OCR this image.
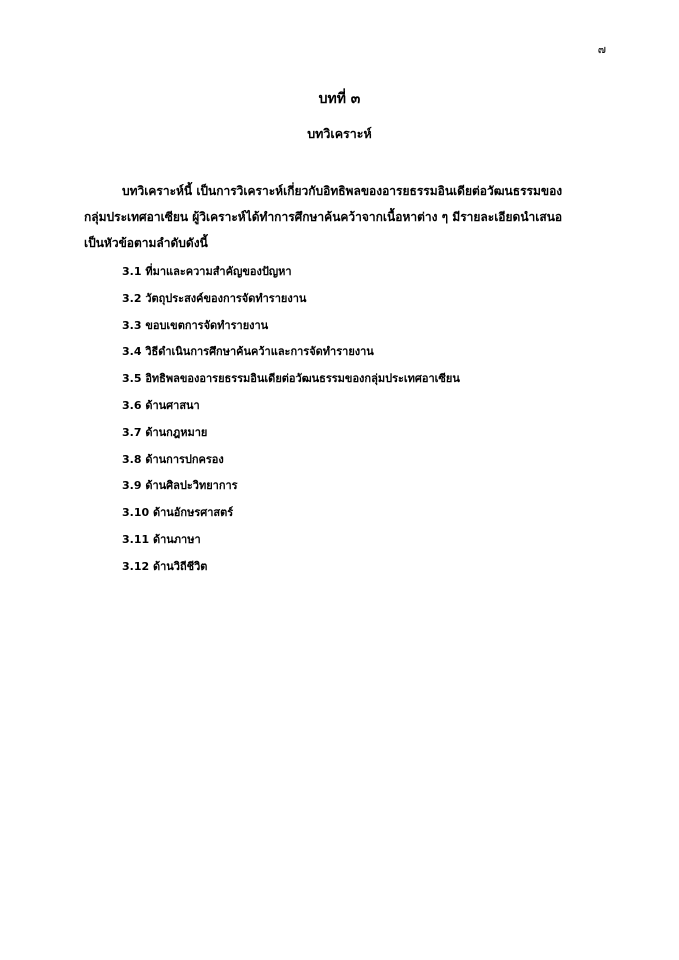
๗
บทที่ ๓
บทวิเคราะห์
บทวิเคราะห์นี้ เป็นการวิเคราะห์เกี่ยวกับอิทธิพลของอารยธรรมอินเดียต่อวัฒนธรรมของ
กลุ่มประเทศอาเซียน ผู้วิเคราะห์ได้ทำการศึกษาค้นคว้าจากเนื้อหาต่าง ๆ มีรายละเอียดนำเสนอ
เป็นหัวข้อตามลำดับดังนี้
3.1 ที่มาและความสำคัญของปัญหา
3.2 วัตถุประสงค์ของการจัดทำรายงาน
3.3 ขอบเขตการจัดทำรายงาน
3.4 วิธีดำเนินการศึกษาค้นคว้าและการจัดทำรายงาน
3.5 อิทธิพลของอารยธรรมอินเดียต่อวัฒนธรรมของกลุ่มประเทศอาเซียน
3.6 ด้านศาสนา
3.7 ด้านกฎหมาย
3.8 ด้านการปกครอง
3.9 ด้านศิลปะวิทยาการ
3.10 ด้านอักษรศาสตร์
3.11 ด้านภาษา
3.12 ด้านวิถีชีวิต
